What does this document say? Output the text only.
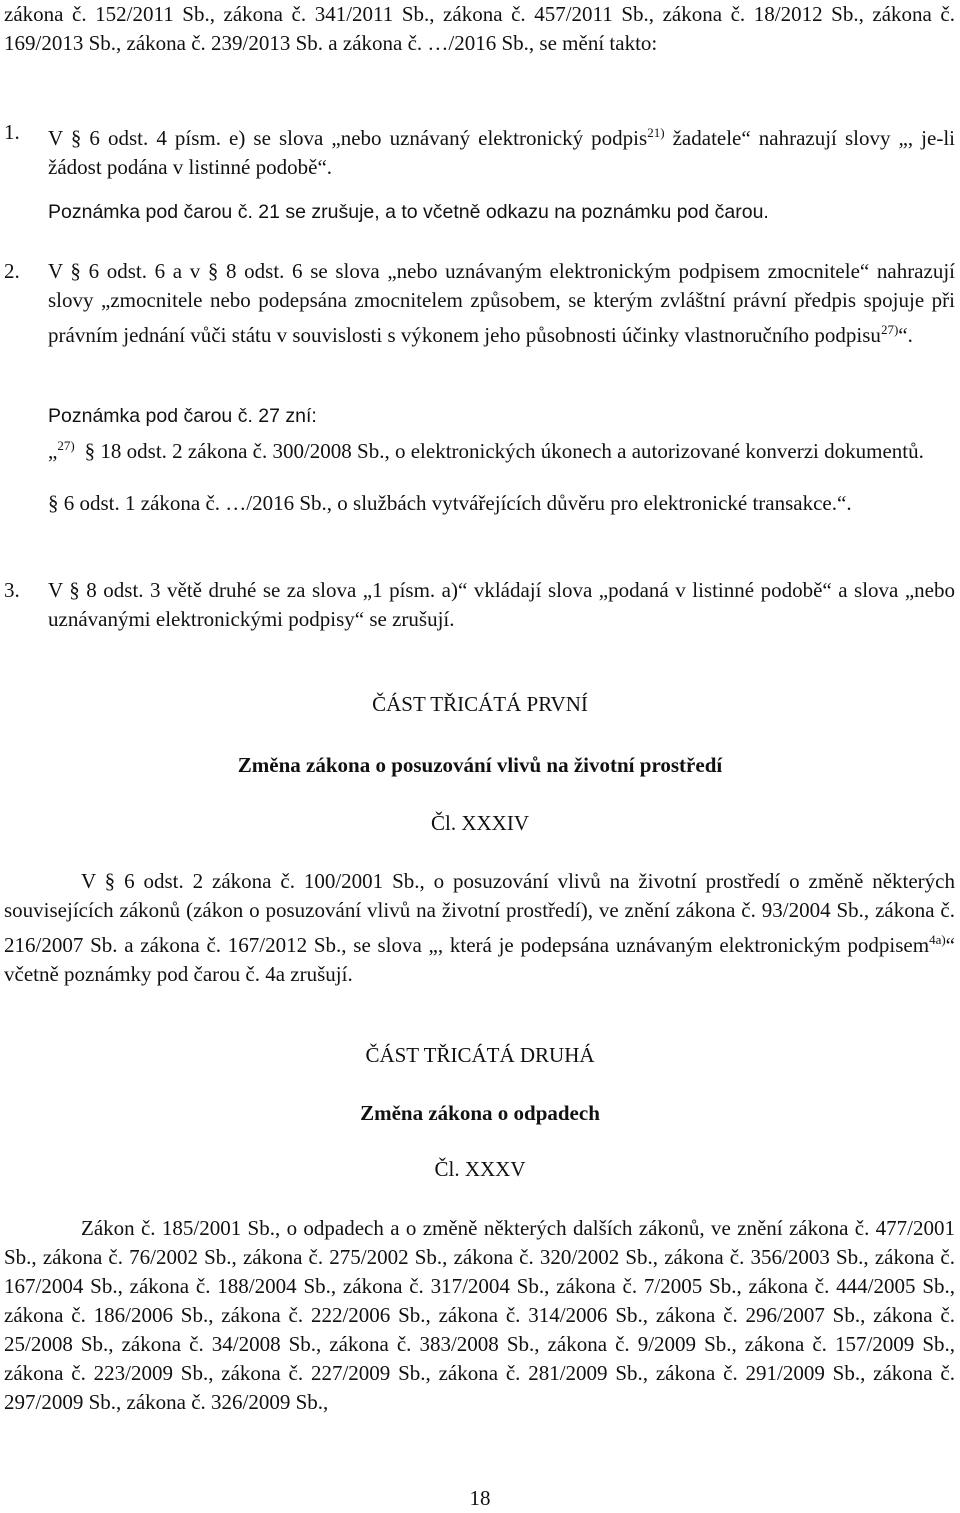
zákona č. 152/2011 Sb., zákona č. 341/2011 Sb., zákona č. 457/2011 Sb., zákona č. 18/2012 Sb., zákona č. 169/2013 Sb., zákona č. 239/2013 Sb. a zákona č. …/2016 Sb., se mění takto:

1.	V § 6 odst. 4 písm. e) se slova „nebo uznávaný elektronický podpis$^{21)}$ žadatele“ nahrazují slovy „, je-li žádost podána v listinné podobě“.

Poznámka pod čarou č. 21 se zrušuje, a to včetně odkazu na poznámku pod čarou.

2.	V § 6 odst. 6 a v § 8 odst. 6 se slova „nebo uznávaným elektronickým podpisem zmocnitele“ nahrazují slovy „zmocnitele nebo podepsána zmocnitelem způsobem, se kterým zvláštní právní předpis spojuje při právním jednání vůči státu v souvislosti s výkonem jeho působnosti účinky vlastnoručního podpisu$^{27)}$“.

Poznámka pod čarou č. 27 zní:

„$^{27)}$ § 18 odst. 2 zákona č. 300/2008 Sb., o elektronických úkonech a autorizované konverzi dokumentů.

§ 6 odst. 1 zákona č. …/2016 Sb., o službách vytvářejících důvěru pro elektronické transakce.“.

3.	V § 8 odst. 3 větě druhé se za slova „1 písm. a)“ vkládají slova „podaná v listinné podobě“ a slova „nebo uznávanými elektronickými podpisy“ se zrušují.

ČÁST TŘICÁTÁ PRVNÍ
Změna zákona o posuzování vlivů na životní prostředí
Čl. XXXIV

V § 6 odst. 2 zákona č. 100/2001 Sb., o posuzování vlivů na životní prostředí o změně některých souvisejících zákonů (zákon o posuzování vlivů na životní prostředí), ve znění zákona č. 93/2004 Sb., zákona č. 216/2007 Sb. a zákona č. 167/2012 Sb., se slova „, která je podepsána uznávaným elektronickým podpisem$^{4a)}$“ včetně poznámky pod čarou č. 4a zrušují.

ČÁST TŘICÁTÁ DRUHÁ
Změna zákona o odpadech
Čl. XXXV

Zákon č. 185/2001 Sb., o odpadech a o změně některých dalších zákonů, ve znění zákona č. 477/2001 Sb., zákona č. 76/2002 Sb., zákona č. 275/2002 Sb., zákona č. 320/2002 Sb., zákona č. 356/2003 Sb., zákona č. 167/2004 Sb., zákona č. 188/2004 Sb., zákona č. 317/2004 Sb., zákona č. 7/2005 Sb., zákona č. 444/2005 Sb., zákona č. 186/2006 Sb., zákona č. 222/2006 Sb., zákona č. 314/2006 Sb., zákona č. 296/2007 Sb., zákona č. 25/2008 Sb., zákona č. 34/2008 Sb., zákona č. 383/2008 Sb., zákona č. 9/2009 Sb., zákona č. 157/2009 Sb., zákona č. 223/2009 Sb., zákona č. 227/2009 Sb., zákona č. 281/2009 Sb., zákona č. 291/2009 Sb., zákona č. 297/2009 Sb., zákona č. 326/2009 Sb.,

18
